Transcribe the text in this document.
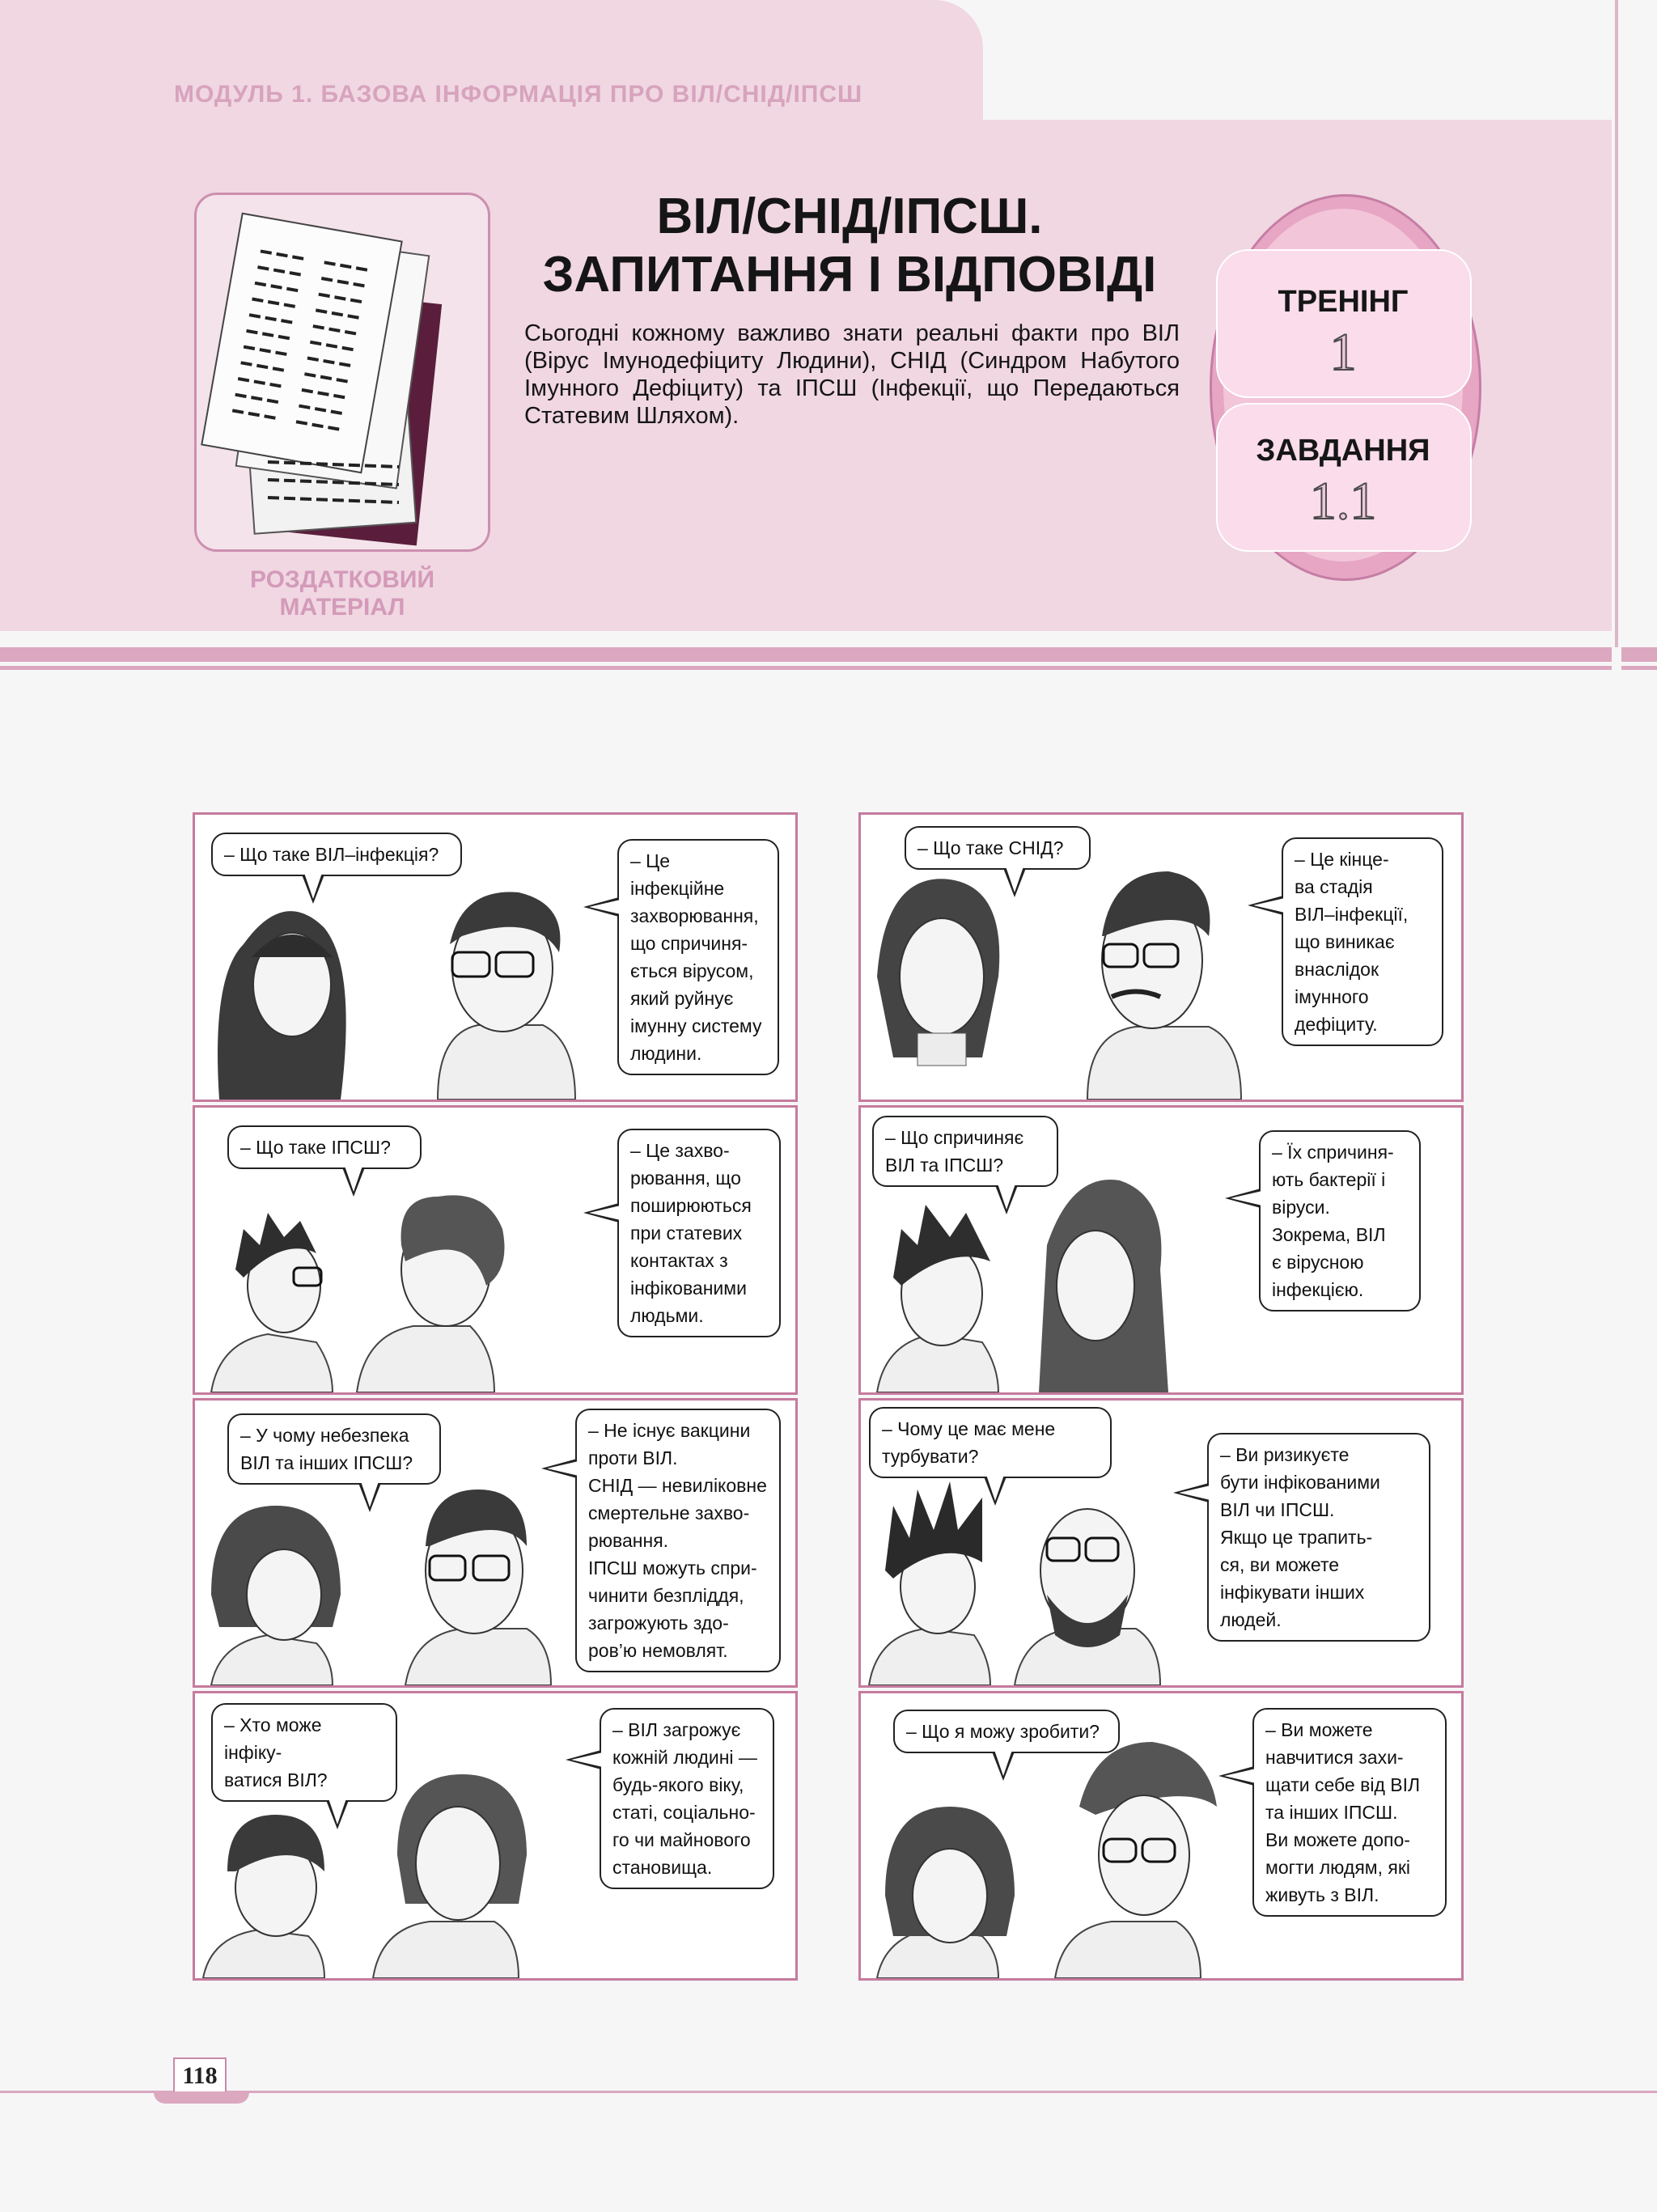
МОДУЛЬ 1. БАЗОВА ІНФОРМАЦІЯ ПРО ВІЛ/СНІД/ІПСШ
РОЗДАТКОВИЙ
МАТЕРІАЛ
ВІЛ/СНІД/ІПСШ.
ЗАПИТАННЯ І ВІДПОВІДІ
Сьогодні кожному важливо знати реальні факти про ВІЛ (Вірус Імунодефіциту Людини), СНІД (Синдром Набутого Імунного Дефіциту) та ІПСШ (Інфекції, що Передаються Статевим Шляхом).
ТРЕНІНГ
1
ЗАВДАННЯ
1.1
– Що таке ВІЛ–інфекція?	– Це інфекційне
захворювання,
що спричиня-
ється вірусом,
який руйнує
імунну систему
людини.
– Що таке СНІД?
– Це кінце-
ва стадія
ВІЛ–інфекції,
що виникає
внаслідок
імунного
дефіциту.
– Що таке ІПСШ?	– Це захво-
рювання, що
поширюються
при статевих
контактах з
інфікованими
людьми.
– Що спричиняє
ВІЛ та ІПСШ?
– Їх спричиня-
ють бактерії і
віруси.
Зокрема, ВІЛ
є вірусною
інфекцією.
– У чому небезпека
ВІЛ та інших ІПСШ?
– Не існує вакцини
проти ВІЛ.
СНІД — невиліковне
смертельне захво-
рювання.
ІПСШ можуть спри-
чинити безпліддя,
загрожують здо-
ров’ю немовлят.
– Чому це має мене
турбувати?	– Ви ризикуєте
бути інфікованими
ВІЛ чи ІПСШ.
Якщо це трапить-
ся, ви можете
інфікувати інших
людей.
– Хто може інфіку-
ватися ВІЛ?
– ВІЛ загрожує
кожній людині —
будь-якого віку,
статі, соціально-
го чи майнового
становища.
– Що я можу зробити?	– Ви можете
навчитися захи-
щати себе від ВІЛ
та інших ІПСШ.
Ви можете допо-
могти людям, які
живуть з ВІЛ.
118
